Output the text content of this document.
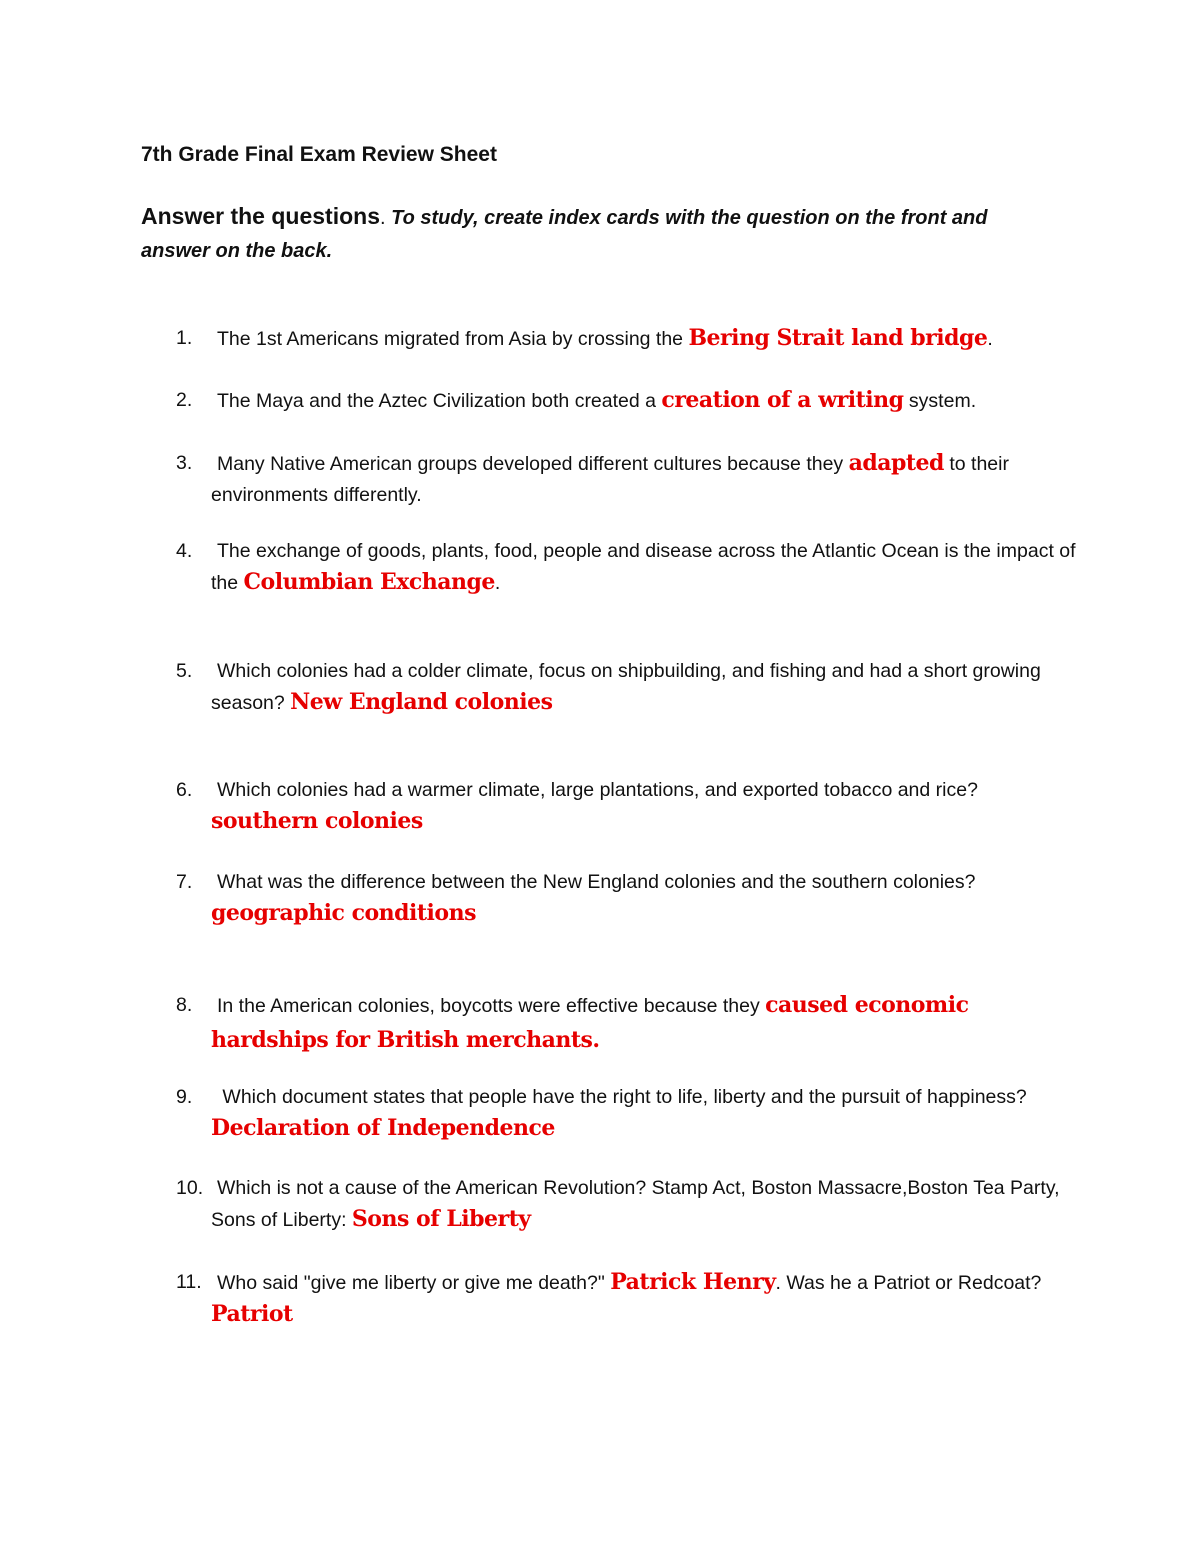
7th Grade Final Exam Review Sheet
Answer the questions. To study, create index cards with the question on the front and answer on the back.
1.	The 1st Americans migrated from Asia by crossing the Bering Strait land bridge.
2.	The Maya and the Aztec Civilization both created a creation of a writing system.
3.	Many Native American groups developed different cultures because they adapted to their environments differently.
4.	The exchange of goods, plants, food, people and disease across the Atlantic Ocean is the impact of the Columbian Exchange.
5.	Which colonies had a colder climate, focus on shipbuilding, and fishing and had a short growing season? New England colonies
6.	Which colonies had a warmer climate, large plantations, and exported tobacco and rice? southern colonies
7.	What was the difference between the New England colonies and the southern colonies? geographic conditions
8.	In the American colonies, boycotts were effective because they caused economic hardships for British merchants.
9.	Which document states that people have the right to life, liberty and the pursuit of happiness? Declaration of Independence
10. Which is not a cause of the American Revolution? Stamp Act, Boston Massacre,Boston Tea Party, Sons of Liberty: Sons of Liberty
11. Who said "give me liberty or give me death?" Patrick Henry. Was he a Patriot or Redcoat? Patriot
